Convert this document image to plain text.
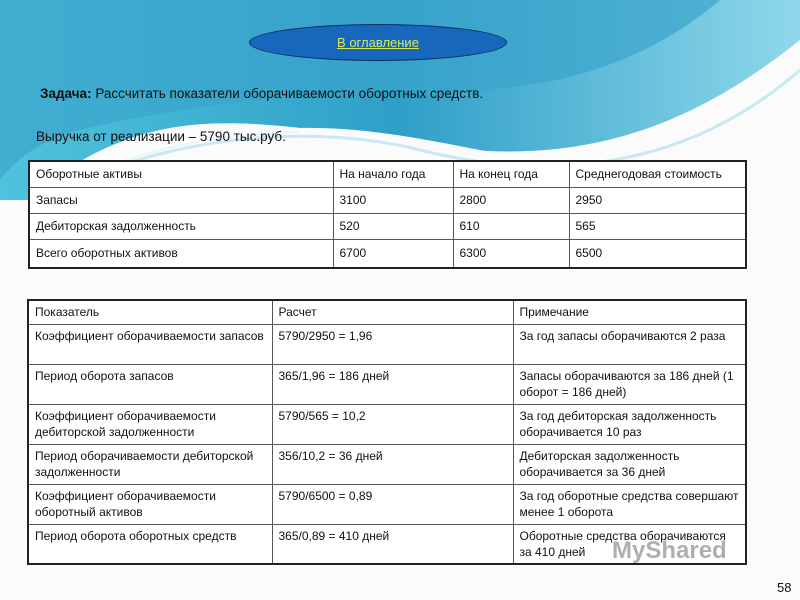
В оглавление
Задача: Рассчитать показатели оборачиваемости оборотных средств.
Выручка от реализации – 5790 тыс.руб.
Оборотные активы	На начало года	На конец года	Среднегодовая стоимость
Запасы	3100	2800	2950
Дебиторская задолженность	520	610	565
Всего оборотных активов	6700	6300	6500
Показатель	Расчет	Примечание
Коэффициент оборачиваемости запасов	5790/2950 = 1,96	За год запасы оборачиваются 2 раза
Период оборота запасов	365/1,96 = 186 дней	Запасы оборачиваются за 186 дней (1 оборот = 186 дней)
Коэффициент оборачиваемости дебиторской задолженности	5790/565 = 10,2	За год дебиторская задолженность оборачивается 10 раз
Период оборачиваемости дебиторской задолженности	356/10,2 = 36 дней	Дебиторская задолженность оборачивается за 36 дней
Коэффициент оборачиваемости оборотный активов	5790/6500 = 0,89	За год оборотные средства совершают менее 1 оборота
Период оборота оборотных средств	365/0,89 = 410 дней	Оборотные средства оборачиваются за 410 дней MyShared
58
